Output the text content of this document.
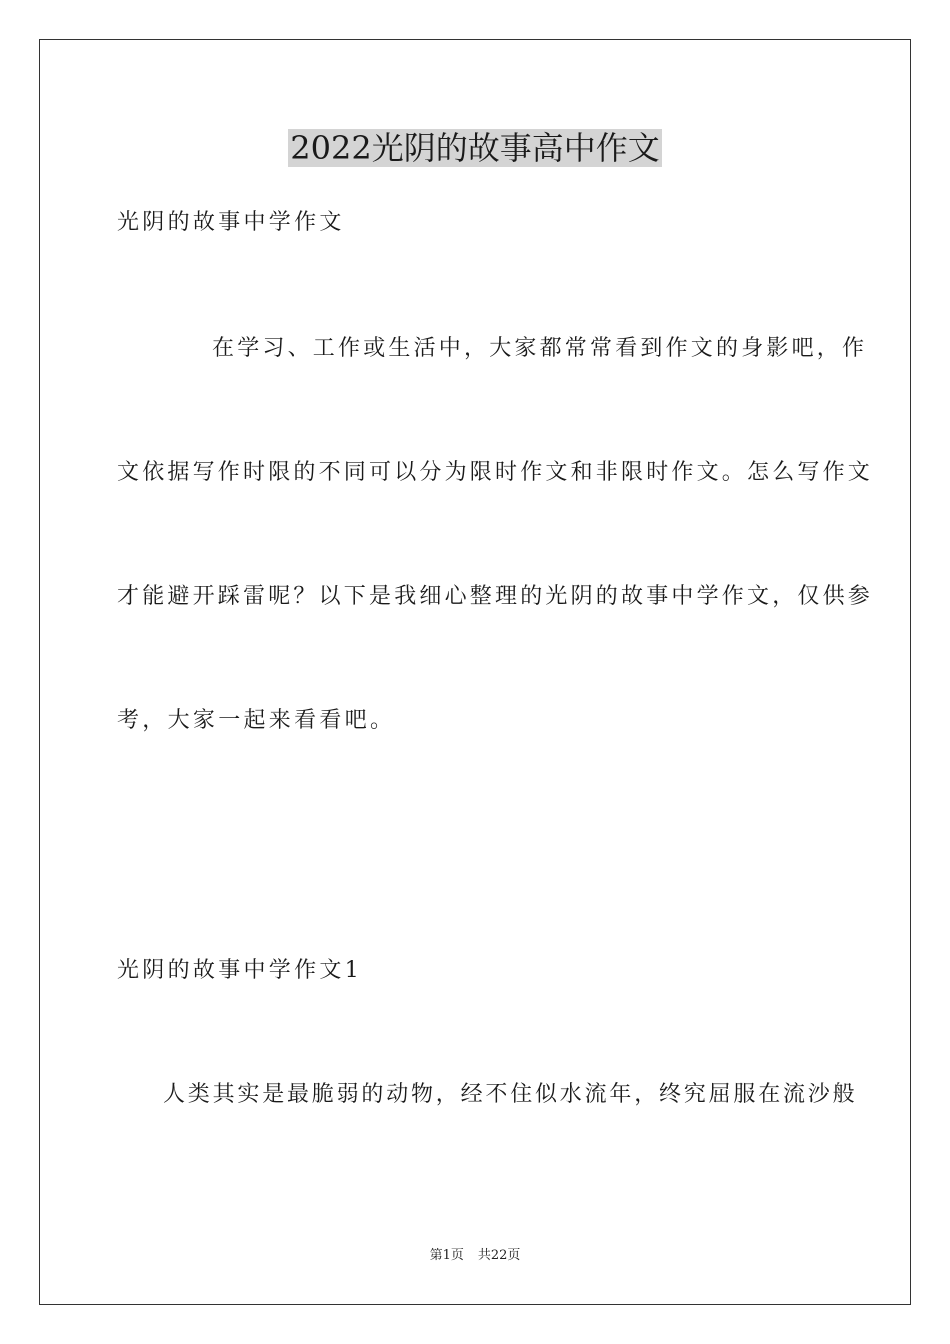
2022光阴的故事高中作文

光阴的故事中学作文

在学习、工作或生活中，大家都常常看到作文的身影吧，作

文依据写作时限的不同可以分为限时作文和非限时作文。怎么写作文

才能避开踩雷呢？以下是我细心整理的光阴的故事中学作文，仅供参

考，大家一起来看看吧。

光阴的故事中学作文1

人类其实是最脆弱的动物，经不住似水流年，终究屈服在流沙般

第1页 共22页
